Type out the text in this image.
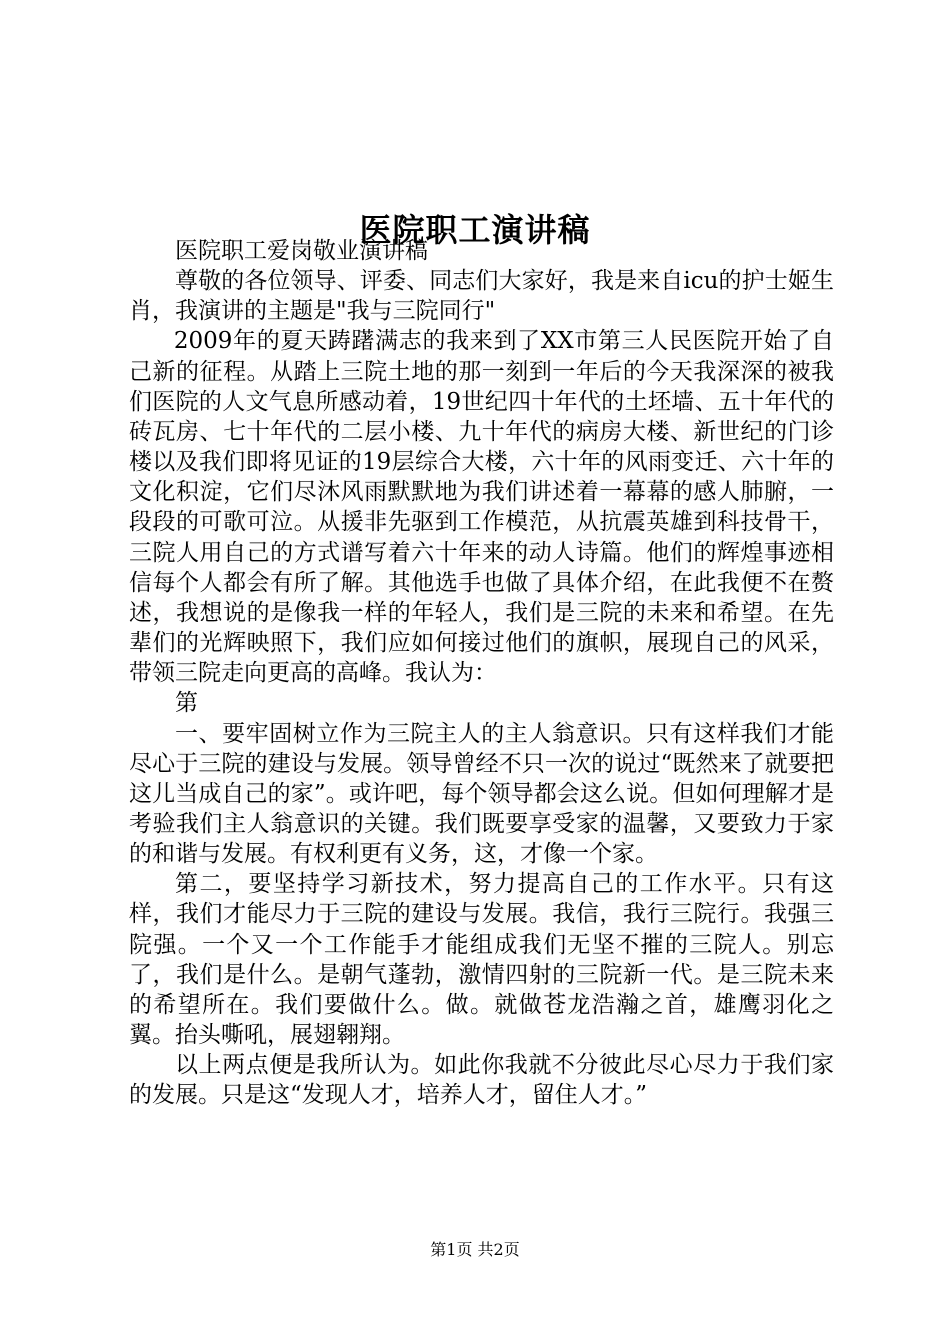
医院职工演讲稿

医院职工爱岗敬业演讲稿

尊敬的各位领导、评委、同志们大家好，我是来自icu的护士姬生肖，我演讲的主题是"我与三院同行"

2009年的夏天踌躇满志的我来到了XX市第三人民医院开始了自己新的征程。从踏上三院土地的那一刻到一年后的今天我深深的被我们医院的人文气息所感动着，19世纪四十年代的土坯墙、五十年代的砖瓦房、七十年代的二层小楼、九十年代的病房大楼、新世纪的门诊楼以及我们即将见证的19层综合大楼，六十年的风雨变迁、六十年的文化积淀，它们尽沐风雨默默地为我们讲述着一幕幕的感人肺腑，一段段的可歌可泣。从援非先驱到工作模范，从抗震英雄到科技骨干，三院人用自己的方式谱写着六十年来的动人诗篇。他们的辉煌事迹相信每个人都会有所了解。其他选手也做了具体介绍，在此我便不在赘述，我想说的是像我一样的年轻人，我们是三院的未来和希望。在先辈们的光辉映照下，我们应如何接过他们的旗帜，展现自己的风采，带领三院走向更高的高峰。我认为：

第

一、要牢固树立作为三院主人的主人翁意识。只有这样我们才能尽心于三院的建设与发展。领导曾经不只一次的说过“既然来了就要把这儿当成自己的家”。或许吧，每个领导都会这么说。但如何理解才是考验我们主人翁意识的关键。我们既要享受家的温馨，又要致力于家的和谐与发展。有权利更有义务，这，才像一个家。

第二，要坚持学习新技术，努力提高自己的工作水平。只有这样，我们才能尽力于三院的建设与发展。我信，我行三院行。我强三院强。一个又一个工作能手才能组成我们无坚不摧的三院人。别忘了，我们是什么。是朝气蓬勃，激情四射的三院新一代。是三院未来的希望所在。我们要做什么。做。就做苍龙浩瀚之首，雄鹰羽化之翼。抬头嘶吼，展翅翱翔。

以上两点便是我所认为。如此你我就不分彼此尽心尽力于我们家的发展。只是这“发现人才，培养人才，留住人才。”

第1页 共2页
